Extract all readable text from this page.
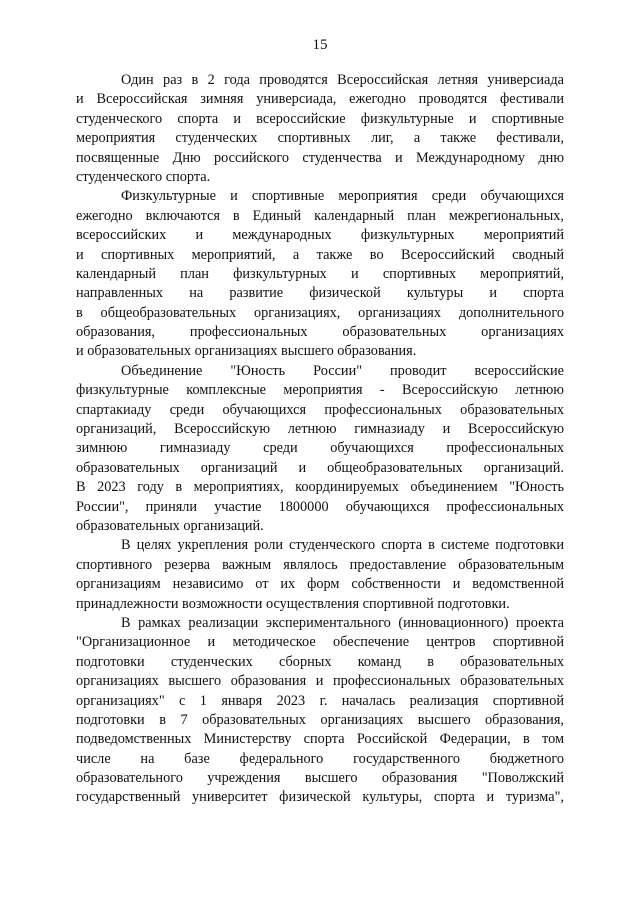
15
Один раз в 2 года проводятся Всероссийская летняя универсиада
и Всероссийская зимняя универсиада, ежегодно проводятся фестивали
студенческого спорта и всероссийские физкультурные и спортивные
мероприятия студенческих спортивных лиг, а также фестивали,
посвященные Дню российского студенчества и Международному дню
студенческого спорта.
Физкультурные и спортивные мероприятия среди обучающихся
ежегодно включаются в Единый календарный план межрегиональных,
всероссийских и международных физкультурных мероприятий
и спортивных мероприятий, а также во Всероссийский сводный
календарный план физкультурных и спортивных мероприятий,
направленных на развитие физической культуры и спорта
в общеобразовательных организациях, организациях дополнительного
образования, профессиональных образовательных организациях
и образовательных организациях высшего образования.
Объединение "Юность России" проводит всероссийские
физкультурные комплексные мероприятия - Всероссийскую летнюю
спартакиаду среди обучающихся профессиональных образовательных
организаций, Всероссийскую летнюю гимназиаду и Всероссийскую
зимнюю гимназиаду среди обучающихся профессиональных
образовательных организаций и общеобразовательных организаций.
В 2023 году в мероприятиях, координируемых объединением "Юность
России", приняли участие 1800000 обучающихся профессиональных
образовательных организаций.
В целях укрепления роли студенческого спорта в системе подготовки
спортивного резерва важным являлось предоставление образовательным
организациям независимо от их форм собственности и ведомственной
принадлежности возможности осуществления спортивной подготовки.
В рамках реализации экспериментального (инновационного) проекта
"Организационное и методическое обеспечение центров спортивной
подготовки студенческих сборных команд в образовательных
организациях высшего образования и профессиональных образовательных
организациях" с 1 января 2023 г. началась реализация спортивной
подготовки в 7 образовательных организациях высшего образования,
подведомственных Министерству спорта Российской Федерации, в том
числе на базе федерального государственного бюджетного
образовательного учреждения высшего образования "Поволжский
государственный университет физической культуры, спорта и туризма",
